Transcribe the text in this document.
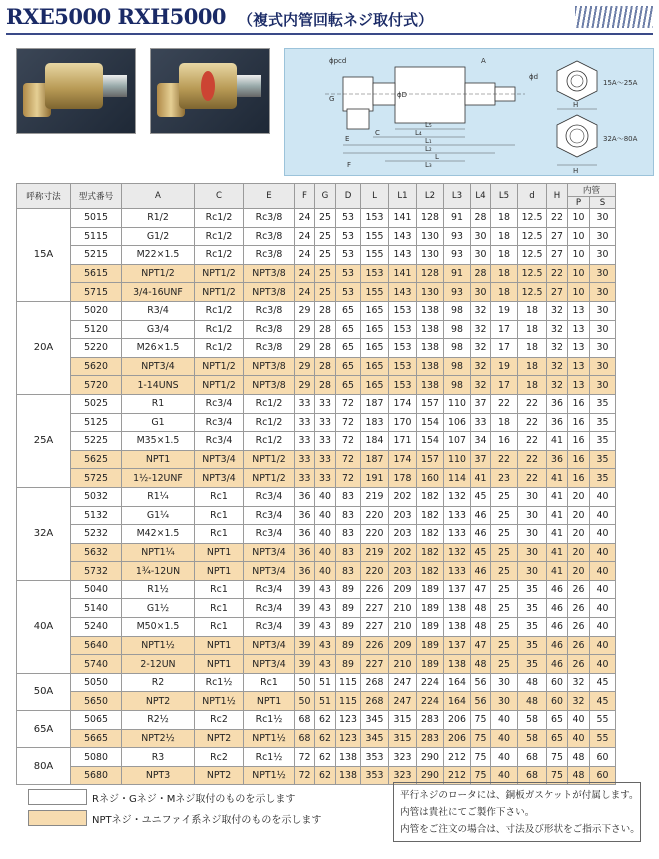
RXE5000 RXH5000 （複式内管回転ネジ取付式）
ϕpcd	A
ϕd
G	ϕD
L₅
C	L₄
E	L₁
L₂
L
L₃
F
H
H
15A〜25A
32A〜80A
呼称寸法	型式番号	A	C	E	F	G	D	L	L1	L2	L3	L4	L5	d	H	内管	
																P	S
15A	5015	R1/2	Rc1/2	Rc3/8	24	25	53	153	141	128	91	28	18	12.5	22	10	30
	5115	G1/2	Rc1/2	Rc3/8	24	25	53	155	143	130	93	30	18	12.5	27	10	30
	5215	M22×1.5	Rc1/2	Rc3/8	24	25	53	155	143	130	93	30	18	12.5	27	10	30
	5615	NPT1/2	NPT1/2	NPT3/8	24	25	53	153	141	128	91	28	18	12.5	22	10	30
	5715	3/4-16UNF	NPT1/2	NPT3/8	24	25	53	155	143	130	93	30	18	12.5	27	10	30
20A	5020	R3/4	Rc1/2	Rc3/8	29	28	65	165	153	138	98	32	19	18	32	13	30
	5120	G3/4	Rc1/2	Rc3/8	29	28	65	165	153	138	98	32	17	18	32	13	30
	5220	M26×1.5	Rc1/2	Rc3/8	29	28	65	165	153	138	98	32	17	18	32	13	30
	5620	NPT3/4	NPT1/2	NPT3/8	29	28	65	165	153	138	98	32	19	18	32	13	30
	5720	1-14UNS	NPT1/2	NPT3/8	29	28	65	165	153	138	98	32	17	18	32	13	30
25A	5025	R1	Rc3/4	Rc1/2	33	33	72	187	174	157	110	37	22	22	36	16	35
	5125	G1	Rc3/4	Rc1/2	33	33	72	183	170	154	106	33	18	22	36	16	35
	5225	M35×1.5	Rc3/4	Rc1/2	33	33	72	184	171	154	107	34	16	22	41	16	35
	5625	NPT1	NPT3/4	NPT1/2	33	33	72	187	174	157	110	37	22	22	36	16	35
	5725	1½-12UNF	NPT3/4	NPT1/2	33	33	72	191	178	160	114	41	23	22	41	16	35
32A	5032	R1¼	Rc1	Rc3/4	36	40	83	219	202	182	132	45	25	30	41	20	40
	5132	G1¼	Rc1	Rc3/4	36	40	83	220	203	182	133	46	25	30	41	20	40
	5232	M42×1.5	Rc1	Rc3/4	36	40	83	220	203	182	133	46	25	30	41	20	40
	5632	NPT1¼	NPT1	NPT3/4	36	40	83	219	202	182	132	45	25	30	41	20	40
	5732	1¾-12UN	NPT1	NPT3/4	36	40	83	220	203	182	133	46	25	30	41	20	40
40A	5040	R1½	Rc1	Rc3/4	39	43	89	226	209	189	137	47	25	35	46	26	40
	5140	G1½	Rc1	Rc3/4	39	43	89	227	210	189	138	48	25	35	46	26	40
	5240	M50×1.5	Rc1	Rc3/4	39	43	89	227	210	189	138	48	25	35	46	26	40
	5640	NPT1½	NPT1	NPT3/4	39	43	89	226	209	189	137	47	25	35	46	26	40
	5740	2-12UN	NPT1	NPT3/4	39	43	89	227	210	189	138	48	25	35	46	26	40
50A	5050	R2	Rc1½	Rc1	50	51	115	268	247	224	164	56	30	48	60	32	45
	5650	NPT2	NPT1½	NPT1	50	51	115	268	247	224	164	56	30	48	60	32	45
65A	5065	R2½	Rc2	Rc1½	68	62	123	345	315	283	206	75	40	58	65	40	55
	5665	NPT2½	NPT2	NPT1½	68	62	123	345	315	283	206	75	40	58	65	40	55
80A	5080	R3	Rc2	Rc1½	72	62	138	353	323	290	212	75	40	68	75	48	60
	5680	NPT3	NPT2	NPT1½	72	62	138	353	323	290	212	75	40	68	75	48	60
Rネジ・Gネジ・Mネジ取付のものを示します
NPTネジ・ユニファイ系ネジ取付のものを示します
平行ネジのロータには、銅板ガスケットが付属します。
内管は貴社にてご製作下さい。
内管をご注文の場合は、寸法及び形状をご指示下さい。
